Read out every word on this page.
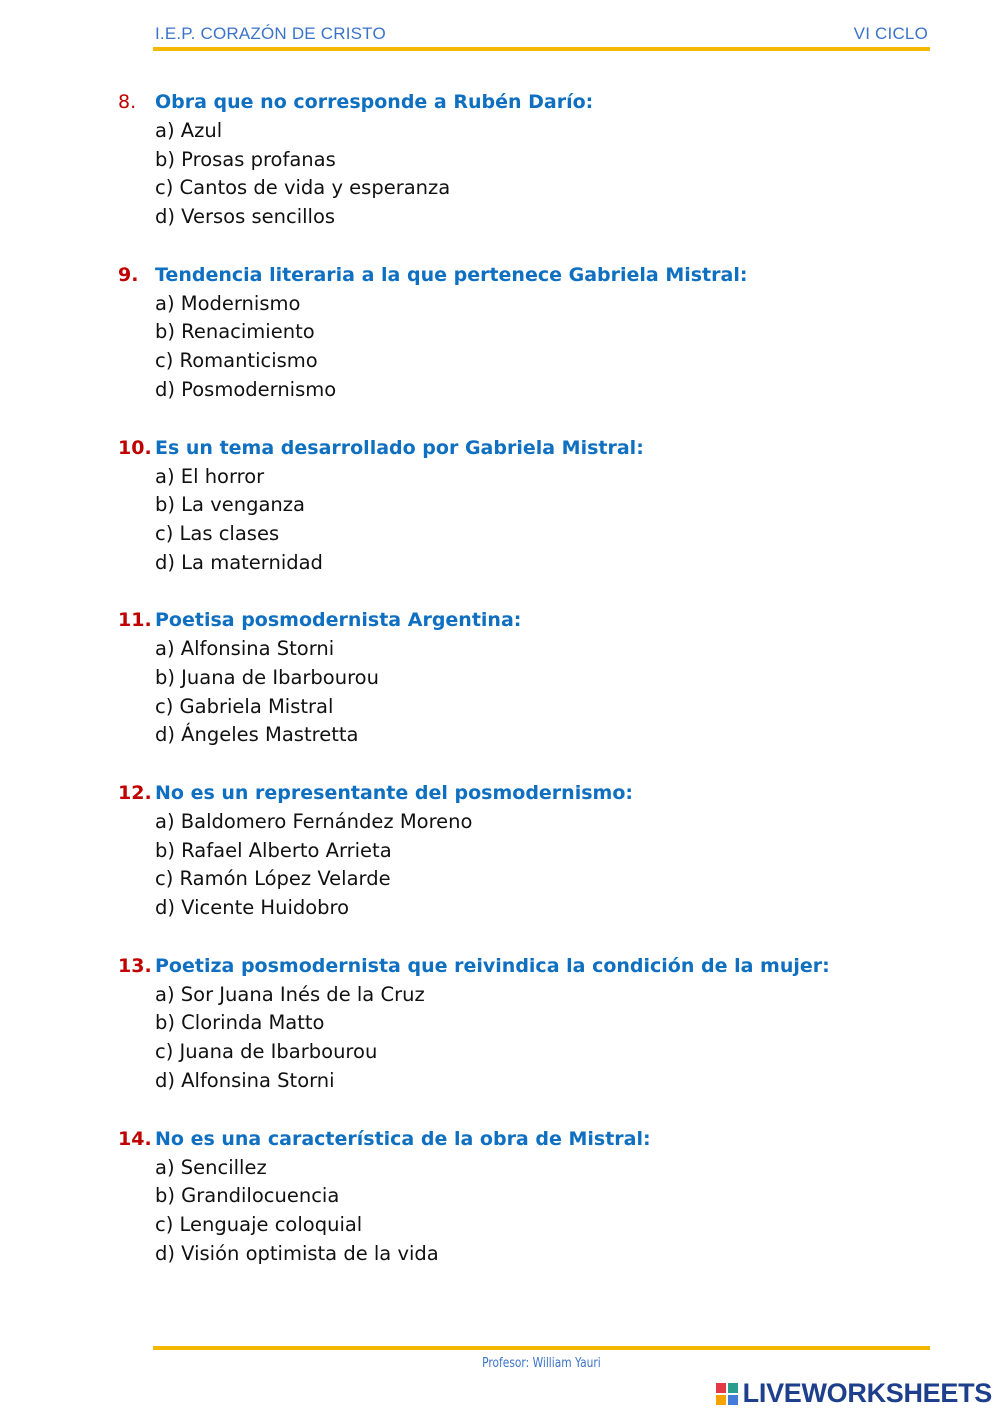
I.E.P. CORAZÓN DE CRISTO	VI CICLO
8. Obra que no corresponde a Rubén Darío:
a) Azul
b) Prosas profanas
c) Cantos de vida y esperanza
d) Versos sencillos
9. Tendencia literaria a la que pertenece Gabriela Mistral:
a) Modernismo
b) Renacimiento
c) Romanticismo
d) Posmodernismo
10. Es un tema desarrollado por Gabriela Mistral:
a) El horror
b) La venganza
c) Las clases
d) La maternidad
11. Poetisa posmodernista Argentina:
a) Alfonsina Storni
b) Juana de Ibarbourou
c) Gabriela Mistral
d) Ángeles Mastretta
12. No es un representante del posmodernismo:
a) Baldomero Fernández Moreno
b) Rafael Alberto Arrieta
c) Ramón López Velarde
d) Vicente Huidobro
13. Poetiza posmodernista que reivindica la condición de la mujer:
a) Sor Juana Inés de la Cruz
b) Clorinda Matto
c) Juana de Ibarbourou
d) Alfonsina Storni
14. No es una característica de la obra de Mistral:
a) Sencillez
b) Grandilocuencia
c) Lenguaje coloquial
d) Visión optimista de la vida
Profesor: William Yauri
LIVEWORKSHEETS
